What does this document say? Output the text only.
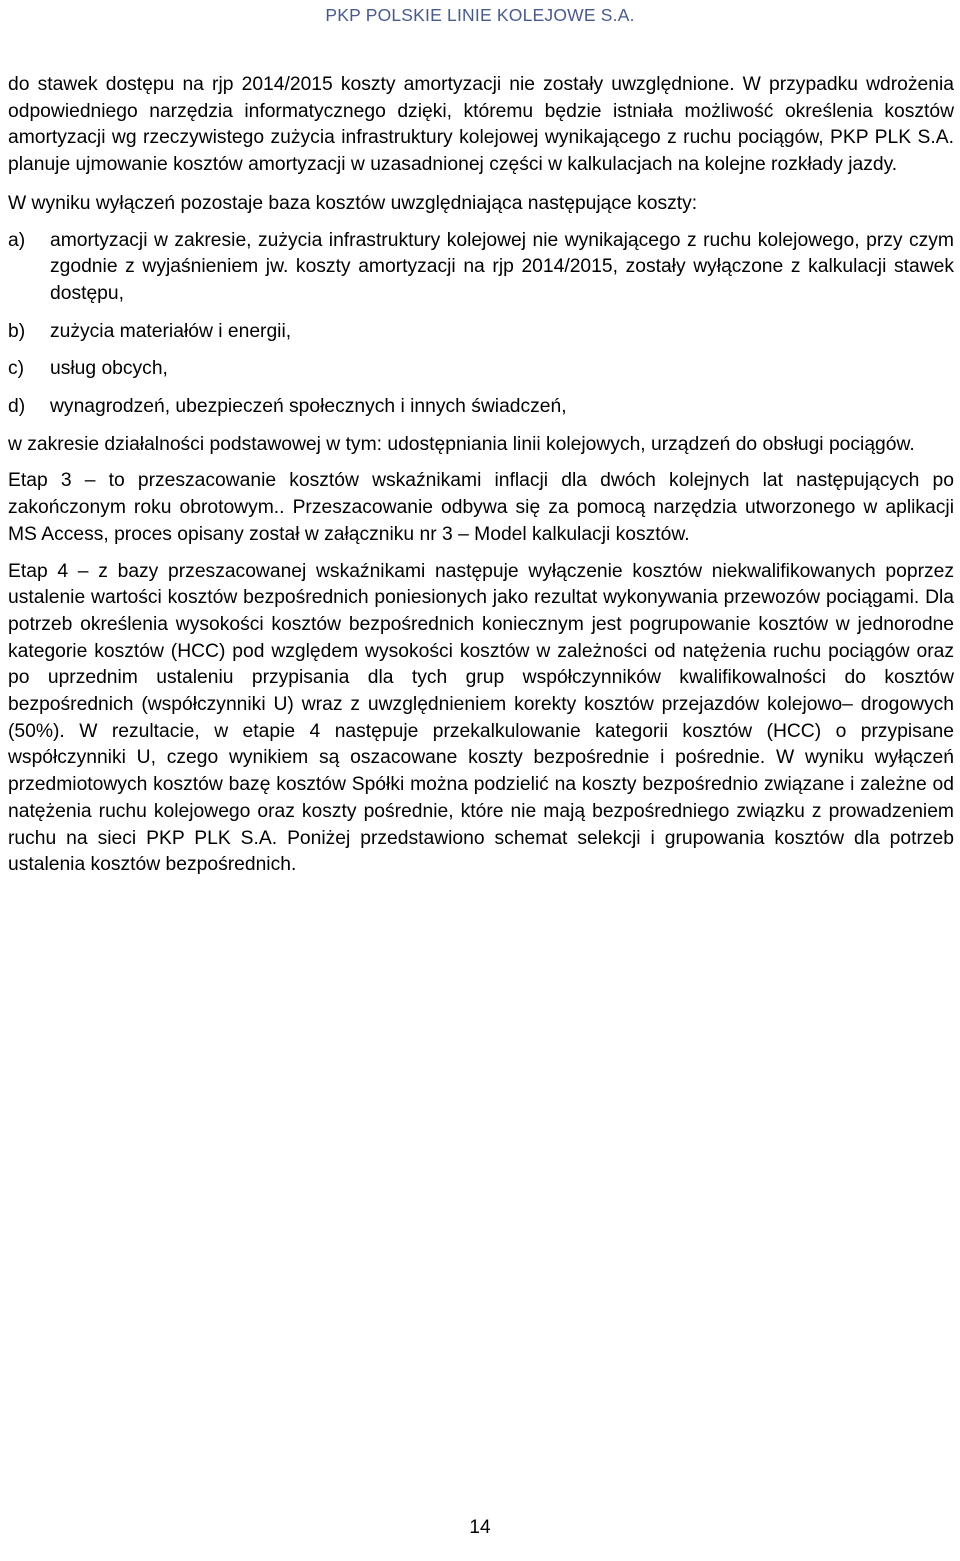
PKP POLSKIE LINIE KOLEJOWE S.A.

do stawek dostępu na rjp 2014/2015 koszty amortyzacji nie zostały uwzględnione. W przypadku wdrożenia odpowiedniego narzędzia informatycznego dzięki, któremu będzie istniała możliwość określenia kosztów amortyzacji wg rzeczywistego zużycia infrastruktury kolejowej wynikającego z ruchu pociągów, PKP PLK S.A. planuje ujmowanie kosztów amortyzacji w uzasadnionej części w kalkulacjach na kolejne rozkłady jazdy.

W wyniku wyłączeń pozostaje baza kosztów uwzględniająca następujące koszty:

a) amortyzacji w zakresie, zużycia infrastruktury kolejowej nie wynikającego z ruchu kolejowego, przy czym zgodnie z wyjaśnieniem jw. koszty amortyzacji na rjp 2014/2015, zostały wyłączone z kalkulacji stawek dostępu,
b) zużycia materiałów i energii,
c) usług obcych,
d) wynagrodzeń, ubezpieczeń społecznych i innych świadczeń,

w zakresie działalności podstawowej w tym: udostępniania linii kolejowych, urządzeń do obsługi pociągów.

Etap 3 – to przeszacowanie kosztów wskaźnikami inflacji dla dwóch kolejnych lat następujących po zakończonym roku obrotowym.. Przeszacowanie odbywa się za pomocą narzędzia utworzonego w aplikacji MS Access, proces opisany został w załączniku nr 3 – Model kalkulacji kosztów.

Etap 4 – z bazy przeszacowanej wskaźnikami następuje wyłączenie kosztów niekwalifikowanych poprzez ustalenie wartości kosztów bezpośrednich poniesionych jako rezultat wykonywania przewozów pociągami. Dla potrzeb określenia wysokości kosztów bezpośrednich koniecznym jest pogrupowanie kosztów w jednorodne kategorie kosztów (HCC) pod względem wysokości kosztów w zależności od natężenia ruchu pociągów oraz po uprzednim ustaleniu przypisania dla tych grup współczynników kwalifikowalności do kosztów bezpośrednich (współczynniki U) wraz z uwzględnieniem korekty kosztów przejazdów kolejowo– drogowych (50%). W rezultacie, w etapie 4 następuje przekalkulowanie kategorii kosztów (HCC) o przypisane współczynniki U, czego wynikiem są oszacowane koszty bezpośrednie i pośrednie. W wyniku wyłączeń przedmiotowych kosztów bazę kosztów Spółki można podzielić na koszty bezpośrednio związane i zależne od natężenia ruchu kolejowego oraz koszty pośrednie, które nie mają bezpośredniego związku z prowadzeniem ruchu na sieci PKP PLK S.A. Poniżej przedstawiono schemat selekcji i grupowania kosztów dla potrzeb ustalenia kosztów bezpośrednich.

14
